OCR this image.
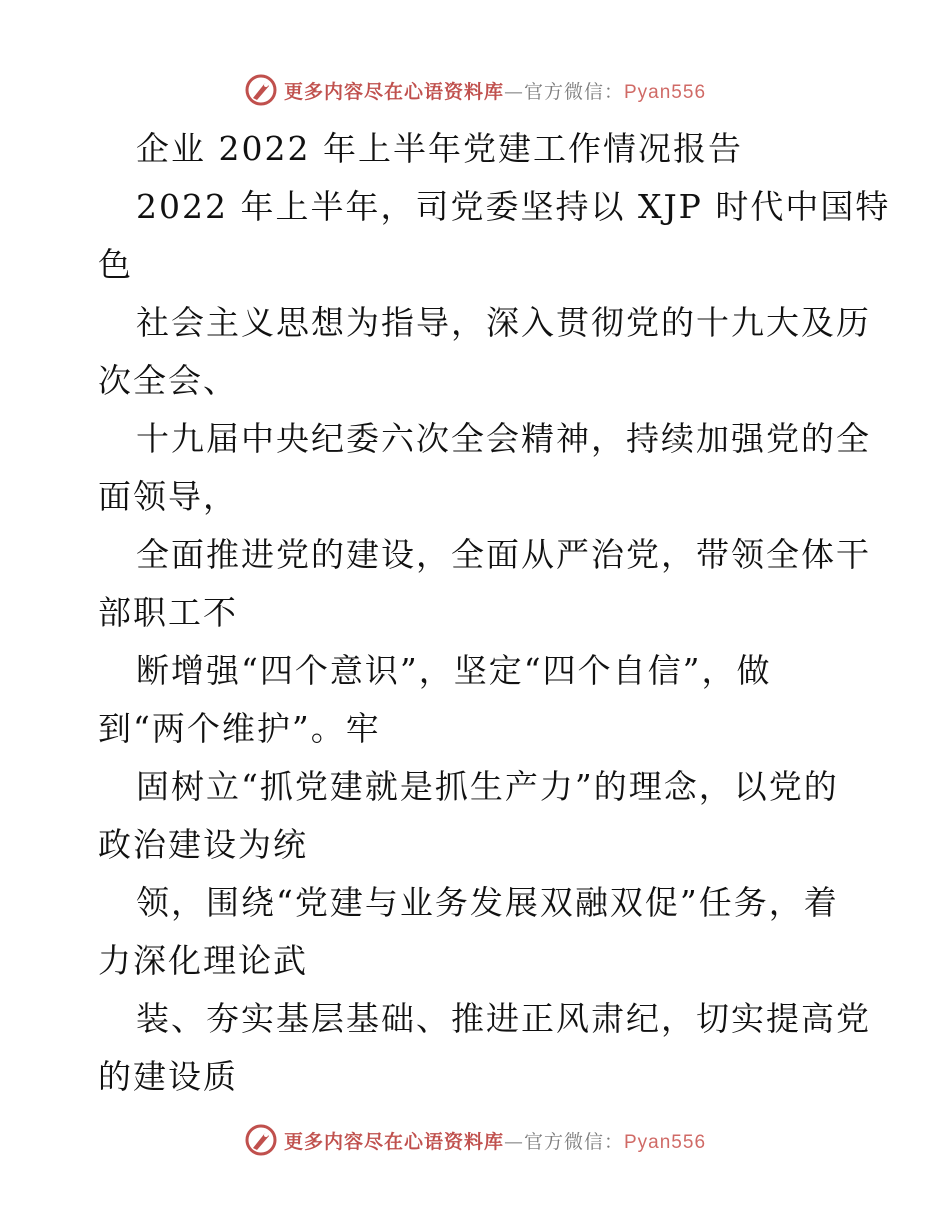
更多内容尽在心语资料库—官方微信：Pyan556
企业 2022 年上半年党建工作情况报告
2022 年上半年，司党委坚持以 XJP 时代中国特
色
社会主义思想为指导，深入贯彻党的十九大及历
次全会、
十九届中央纪委六次全会精神，持续加强党的全
面领导，
全面推进党的建设，全面从严治党，带领全体干
部职工不
断增强“四个意识”，坚定“四个自信”，做
到“两个维护”。牢
固树立“抓党建就是抓生产力”的理念，以党的
政治建设为统
领，围绕“党建与业务发展双融双促”任务，着
力深化理论武
装、夯实基层基础、推进正风肃纪，切实提高党
的建设质
更多内容尽在心语资料库—官方微信：Pyan556
